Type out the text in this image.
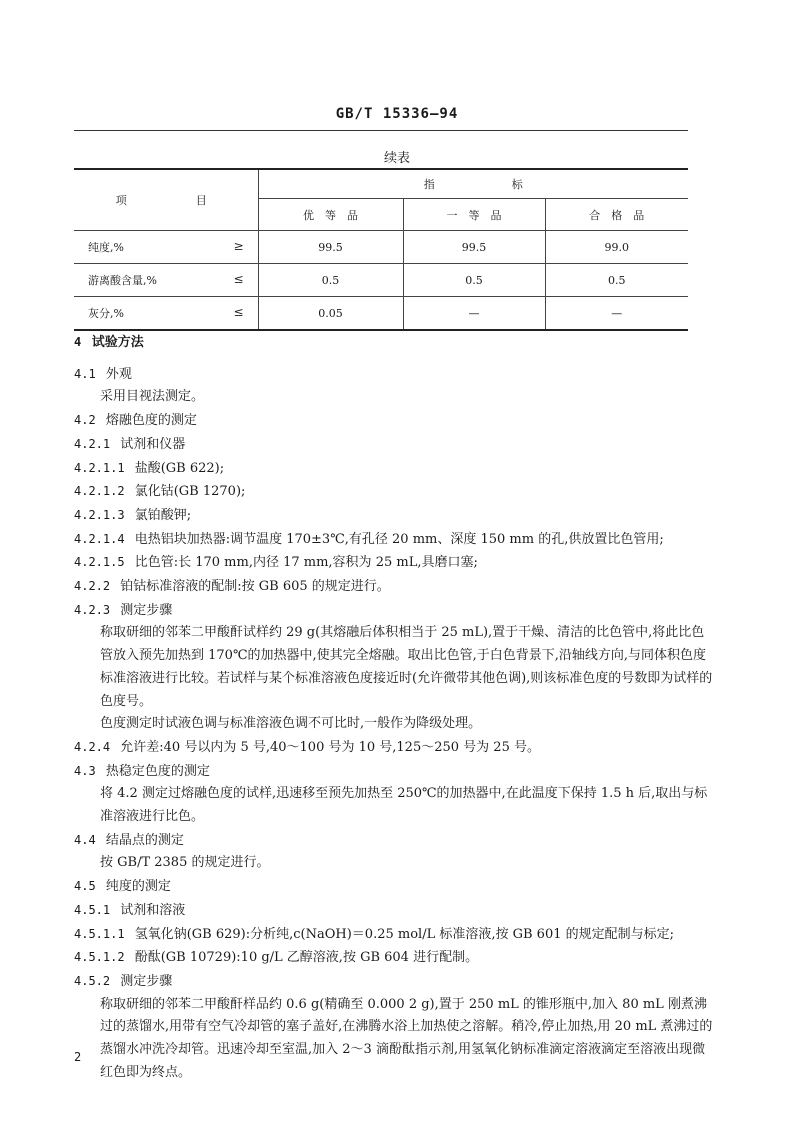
GB/T 15336—94
续表
项　　　目	指　　　　　　　标		
	优　等　品	一　等　品	合　格　品

纯度,% ≥	99.5	99.5	99.0

游离酸含量,% ≤	0.5	0.5	0.5

灰分,% ≤	0.05	—	—

4 试验方法

4.1 外观

采用目视法测定。

4.2 熔融色度的测定

4.2.1 试剂和仪器

4.2.1.1 盐酸(GB 622);

4.2.1.2 氯化钴(GB 1270);

4.2.1.3 氯铂酸钾;

4.2.1.4 电热铝块加热器:调节温度 170±3℃,有孔径 20 mm、深度 150 mm 的孔,供放置比色管用;

4.2.1.5 比色管:长 170 mm,内径 17 mm,容积为 25 mL,具磨口塞;

4.2.2 铂钴标准溶液的配制:按 GB 605 的规定进行。

4.2.3 测定步骤

称取研细的邻苯二甲酸酐试样约 29 g(其熔融后体积相当于 25 mL),置于干燥、清洁的比色管中,将此比色管放入预先加热到 170℃的加热器中,使其完全熔融。取出比色管,于白色背景下,沿轴线方向,与同体积色度标准溶液进行比较。若试样与某个标准溶液色度接近时(允许微带其他色调),则该标准色度的号数即为试样的色度号。

色度测定时试液色调与标准溶液色调不可比时,一般作为降级处理。

4.2.4 允许差:40 号以内为 5 号,40～100 号为 10 号,125～250 号为 25 号。

4.3 热稳定色度的测定

将 4.2 测定过熔融色度的试样,迅速移至预先加热至 250℃的加热器中,在此温度下保持 1.5 h 后,取出与标准溶液进行比色。

4.4 结晶点的测定

按 GB/T 2385 的规定进行。

4.5 纯度的测定

4.5.1 试剂和溶液

4.5.1.1 氢氧化钠(GB 629):分析纯,c(NaOH)＝0.25 mol/L 标准溶液,按 GB 601 的规定配制与标定;

4.5.1.2 酚酞(GB 10729):10 g/L 乙醇溶液,按 GB 604 进行配制。

4.5.2 测定步骤

称取研细的邻苯二甲酸酐样品约 0.6 g(精确至 0.000 2 g),置于 250 mL 的锥形瓶中,加入 80 mL 刚煮沸过的蒸馏水,用带有空气冷却管的塞子盖好,在沸腾水浴上加热使之溶解。稍冷,停止加热,用 20 mL 煮沸过的蒸馏水冲洗冷却管。迅速冷却至室温,加入 2～3 滴酚酞指示剂,用氢氧化钠标准滴定溶液滴定至溶液出现微红色即为终点。

2
